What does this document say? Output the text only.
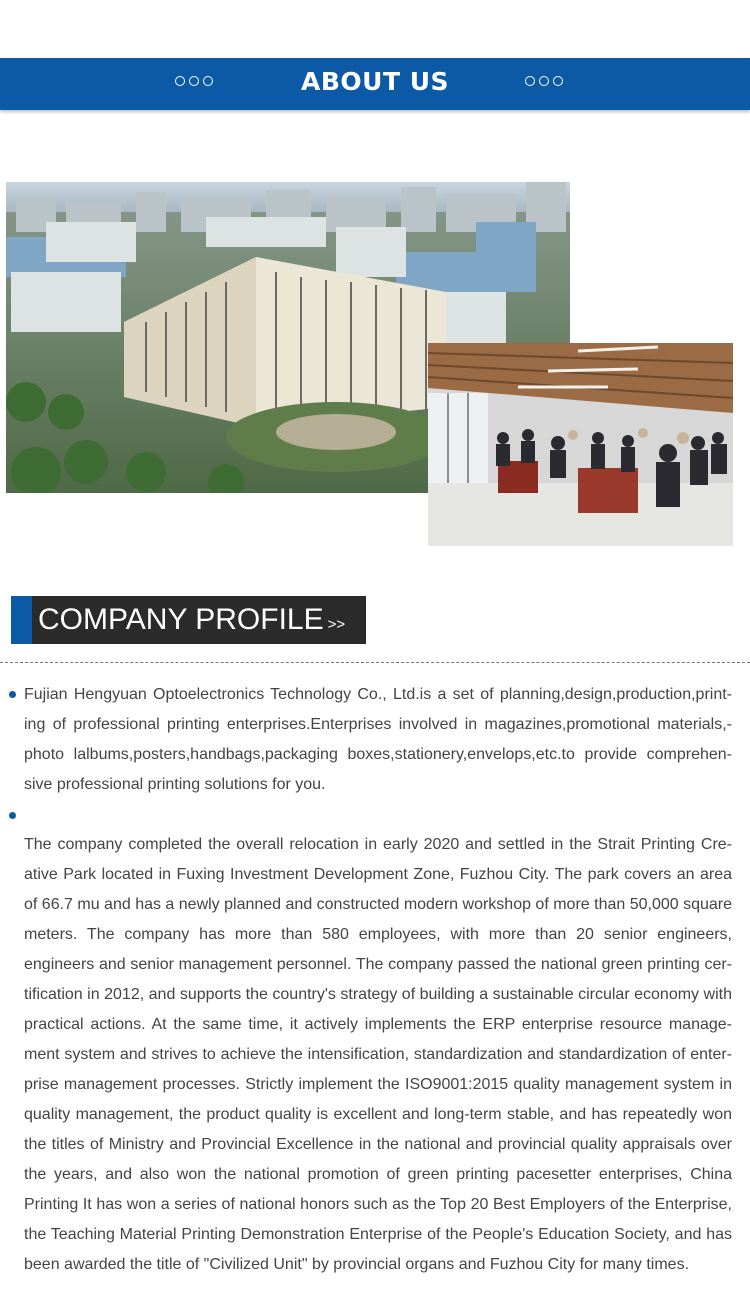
ABOUT US
COMPANY PROFILE >>

Fujian Hengyuan Optoelectronics Technology Co., Ltd.is a set of planning,design,production,print-ing of professional printing enterprises.Enterprises involved in magazines,promotional materials,-photo lalbums,posters,handbags,packaging boxes,stationery,envelops,etc.to provide comprehen-sive professional printing solutions for you.

The company completed the overall relocation in early 2020 and settled in the Strait Printing Cre-ative Park located in Fuxing Investment Development Zone, Fuzhou City. The park covers an area of 66.7 mu and has a newly planned and constructed modern workshop of more than 50,000 square meters. The company has more than 580 employees, with more than 20 senior engineers, engineers and senior management personnel. The company passed the national green printing cer-tification in 2012, and supports the country's strategy of building a sustainable circular economy with practical actions. At the same time, it actively implements the ERP enterprise resource manage-ment system and strives to achieve the intensification, standardization and standardization of enter-prise management processes. Strictly implement the ISO9001:2015 quality management system in quality management, the product quality is excellent and long-term stable, and has repeatedly won the titles of Ministry and Provincial Excellence in the national and provincial quality appraisals over the years, and also won the national promotion of green printing pacesetter enterprises, China Printing It has won a series of national honors such as the Top 20 Best Employers of the Enterprise, the Teaching Material Printing Demonstration Enterprise of the People's Education Society, and has been awarded the title of "Civilized Unit" by provincial organs and Fuzhou City for many times.
